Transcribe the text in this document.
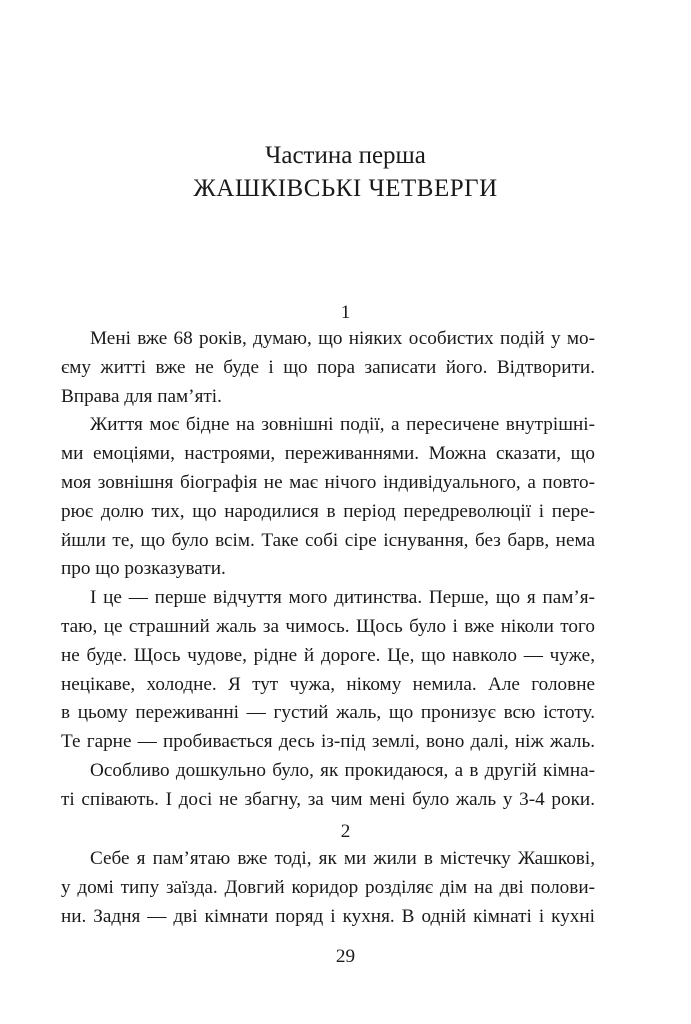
Частина перша
ЖАШКІВСЬКІ ЧЕТВЕРГИ
1
Мені вже 68 років, думаю, що ніяких особистих подій у мо-
єму житті вже не буде і що пора записати його. Відтворити.
Вправа для пам’яті.
Життя моє бідне на зовнішні події, а пересичене внутрішні-
ми емоціями, настроями, переживаннями. Можна сказати, що
моя зовнішня біографія не має нічого індивідуального, а повто-
рює долю тих, що народилися в період передреволюції і пере-
йшли те, що було всім. Таке собі сіре існування, без барв, нема
про що розказувати.
І це — перше відчуття мого дитинства. Перше, що я пам’я-
таю, це страшний жаль за чимось. Щось було і вже ніколи того
не буде. Щось чудове, рідне й дороге. Це, що навколо — чуже,
нецікаве, холодне. Я тут чужа, нікому немила. Але головне
в цьому переживанні — густий жаль, що пронизує всю істоту.
Те гарне — пробивається десь із-під землі, воно далі, ніж жаль.
Особливо дошкульно було, як прокидаюся, а в другій кімна-
ті співають. І досі не збагну, за чим мені було жаль у 3-4 роки.
2
Себе я пам’ятаю вже тоді, як ми жили в містечку Жашкові,
у домі типу заїзда. Довгий коридор розділяє дім на дві полови-
ни. Задня — дві кімнати поряд і кухня. В одній кімнаті і кухні
29
